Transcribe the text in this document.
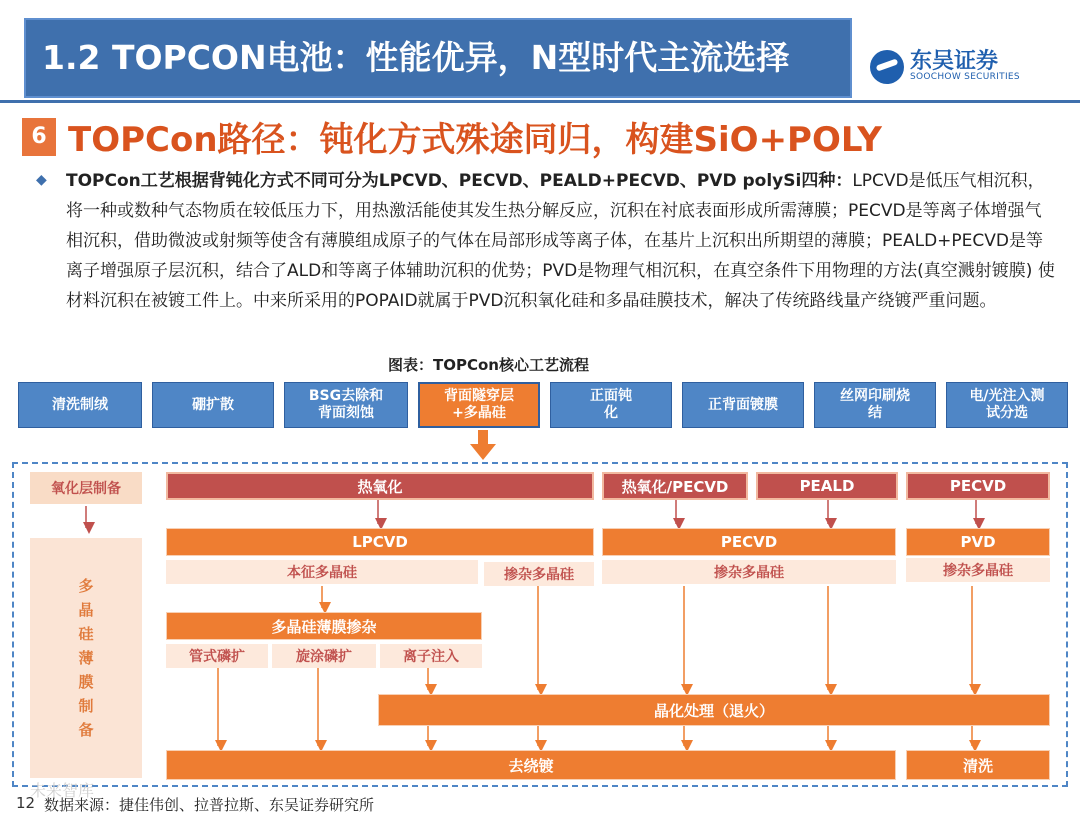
1.2 TOPCON电池：性能优异，N型时代主流选择	东吴证券
SOOCHOW SECURITIES
6 TOPCon路径：钝化方式殊途同归，构建SiO+POLY
◆ TOPCon工艺根据背钝化方式不同可分为LPCVD、PECVD、PEALD+PECVD、PVD polySi四种：LPCVD是低压气相沉积，将一种或数种气态物质在较低压力下，用热激活能使其发生热分解反应，沉积在衬底表面形成所需薄膜；PECVD是等离子体增强气相沉积，借助微波或射频等使含有薄膜组成原子的气体在局部形成等离子体，在基片上沉积出所期望的薄膜；PEALD+PECVD是等离子增强原子层沉积，结合了ALD和等离子体辅助沉积的优势；PVD是物理气相沉积，在真空条件下用物理的方法(真空溅射镀膜) 使材料沉积在被镀工件上。中来所采用的POPAID就属于PVD沉积氧化硅和多晶硅膜技术，解决了传统路线量产绕镀严重问题。
图表：TOPCon核心工艺流程
清洗制绒	硼扩散
BSG去除和背面刻蚀
背面隧穿层+多晶硅
正面钝化
正背面镀膜
丝网印刷烧结
电/光注入测试分选
氧化层制备
多晶硅薄膜制备
热氧化	热氧化/PECVD	PEALD	PECVD
LPCVD	PECVD	PVD
本征多晶硅	掺杂多晶硅	掺杂多晶硅	掺杂多晶硅
多晶硅薄膜掺杂
管式磷扩	旋涂磷扩	离子注入
晶化处理（退火）
去绕镀	清洗
未来智库
12 数据来源：捷佳伟创、拉普拉斯、东吴证券研究所
